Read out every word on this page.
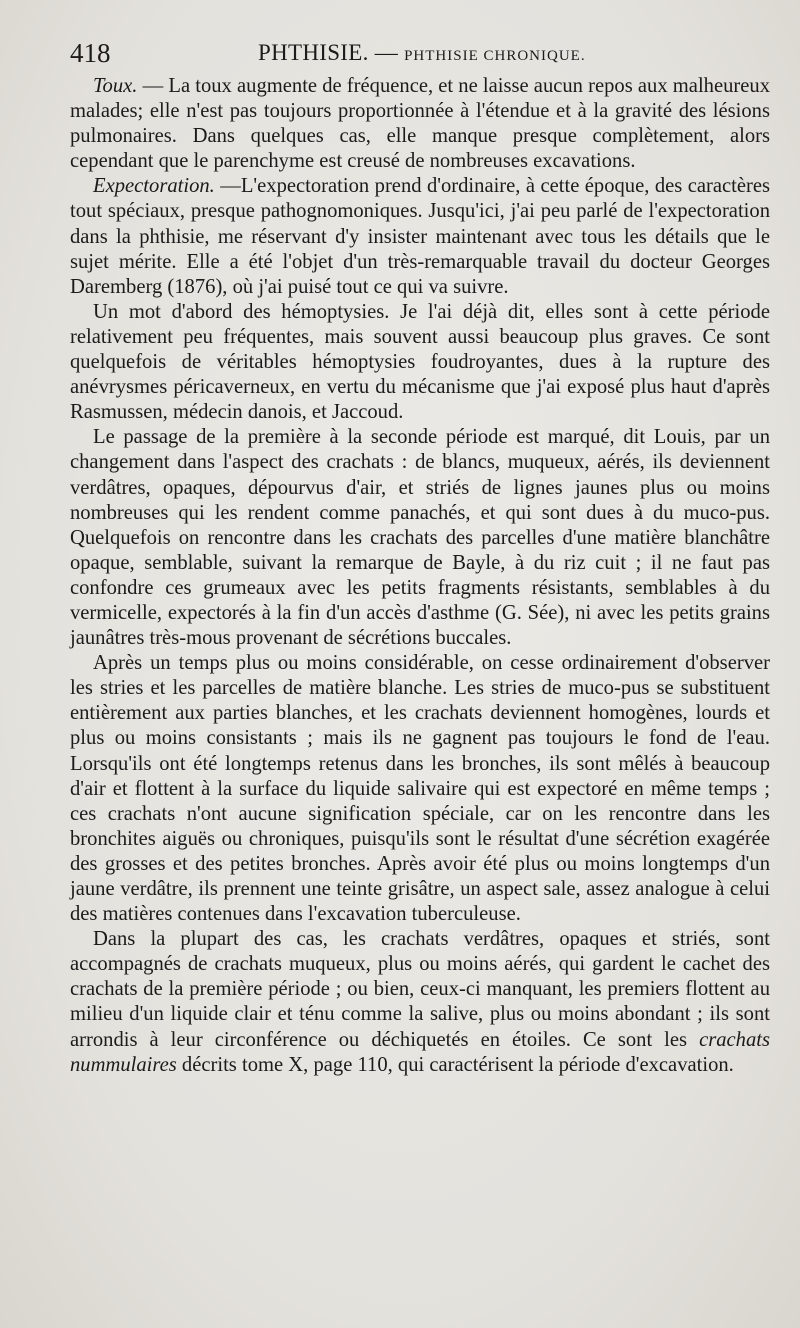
418	PHTHISIE. — PHTHISIE CHRONIQUE.

Toux. — La toux augmente de fréquence, et ne laisse aucun repos aux malheureux malades; elle n'est pas toujours proportionnée à l'étendue et à la gravité des lésions pulmonaires. Dans quelques cas, elle manque presque complètement, alors cependant que le parenchyme est creusé de nombreuses excavations.

Expectoration. —L'expectoration prend d'ordinaire, à cette époque, des caractères tout spéciaux, presque pathognomoniques. Jusqu'ici, j'ai peu parlé de l'expectoration dans la phthisie, me réservant d'y insister maintenant avec tous les détails que le sujet mérite. Elle a été l'objet d'un très-remarquable travail du docteur Georges Daremberg (1876), où j'ai puisé tout ce qui va suivre.

Un mot d'abord des hémoptysies. Je l'ai déjà dit, elles sont à cette période relativement peu fréquentes, mais souvent aussi beaucoup plus graves. Ce sont quelquefois de véritables hémoptysies foudroyantes, dues à la rupture des anévrysmes péricaverneux, en vertu du mécanisme que j'ai exposé plus haut d'après Rasmussen, médecin danois, et Jaccoud.

Le passage de la première à la seconde période est marqué, dit Louis, par un changement dans l'aspect des crachats : de blancs, muqueux, aérés, ils deviennent verdâtres, opaques, dépourvus d'air, et striés de lignes jaunes plus ou moins nombreuses qui les rendent comme panachés, et qui sont dues à du muco-pus. Quelquefois on rencontre dans les crachats des parcelles d'une matière blanchâtre opaque, semblable, suivant la remarque de Bayle, à du riz cuit ; il ne faut pas confondre ces grumeaux avec les petits fragments résistants, semblables à du vermicelle, expectorés à la fin d'un accès d'asthme (G. Sée), ni avec les petits grains jaunâtres très-mous provenant de sécrétions buccales.

Après un temps plus ou moins considérable, on cesse ordinairement d'observer les stries et les parcelles de matière blanche. Les stries de muco-pus se substituent entièrement aux parties blanches, et les crachats deviennent homogènes, lourds et plus ou moins consistants ; mais ils ne gagnent pas toujours le fond de l'eau. Lorsqu'ils ont été longtemps retenus dans les bronches, ils sont mêlés à beaucoup d'air et flottent à la surface du liquide salivaire qui est expectoré en même temps ; ces crachats n'ont aucune signification spéciale, car on les rencontre dans les bronchites aiguës ou chroniques, puisqu'ils sont le résultat d'une sécrétion exagérée des grosses et des petites bronches. Après avoir été plus ou moins longtemps d'un jaune verdâtre, ils prennent une teinte grisâtre, un aspect sale, assez analogue à celui des matières contenues dans l'excavation tuberculeuse.

Dans la plupart des cas, les crachats verdâtres, opaques et striés, sont accompagnés de crachats muqueux, plus ou moins aérés, qui gardent le cachet des crachats de la première période ; ou bien, ceux-ci manquant, les premiers flottent au milieu d'un liquide clair et ténu comme la salive, plus ou moins abondant ; ils sont arrondis à leur circonférence ou déchiquetés en étoiles. Ce sont les crachats nummulaires décrits tome X, page 110, qui caractérisent la période d'excavation.
